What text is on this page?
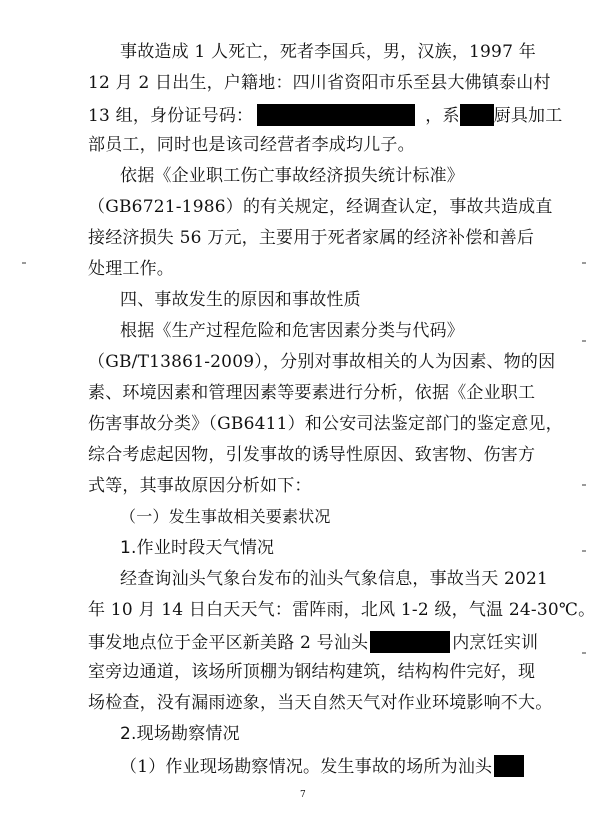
事故造成 1 人死亡，死者李国兵，男，汉族，1997 年
12 月 2 日出生，户籍地：四川省资阳市乐至县大佛镇泰山村
13 组，身份证号码：	，系 厨具加工
部员工，同时也是该司经营者李成均儿子。
依据《企业职工伤亡事故经济损失统计标准》
（GB6721-1986）的有关规定，经调查认定，事故共造成直
接经济损失 56 万元，主要用于死者家属的经济补偿和善后
处理工作。
四、事故发生的原因和事故性质
根据《生产过程危险和危害因素分类与代码》
（GB/T13861-2009），分别对事故相关的人为因素、物的因
素、环境因素和管理因素等要素进行分析，依据《企业职工
伤害事故分类》（GB6411）和公安司法鉴定部门的鉴定意见，
综合考虑起因物，引发事故的诱导性原因、致害物、伤害方
式等，其事故原因分析如下：
（一）发生事故相关要素状况
1.作业时段天气情况
经查询汕头气象台发布的汕头气象信息，事故当天 2021
年 10 月 14 日白天天气：雷阵雨，北风 1-2 级，气温 24-30℃。
事发地点位于金平区新美路 2 号汕头	内烹饪实训
室旁边通道，该场所顶棚为钢结构建筑，结构构件完好，现
场检查，没有漏雨迹象，当天自然天气对作业环境影响不大。
2.现场勘察情况
（1）作业现场勘察情况。发生事故的场所为汕头
7
